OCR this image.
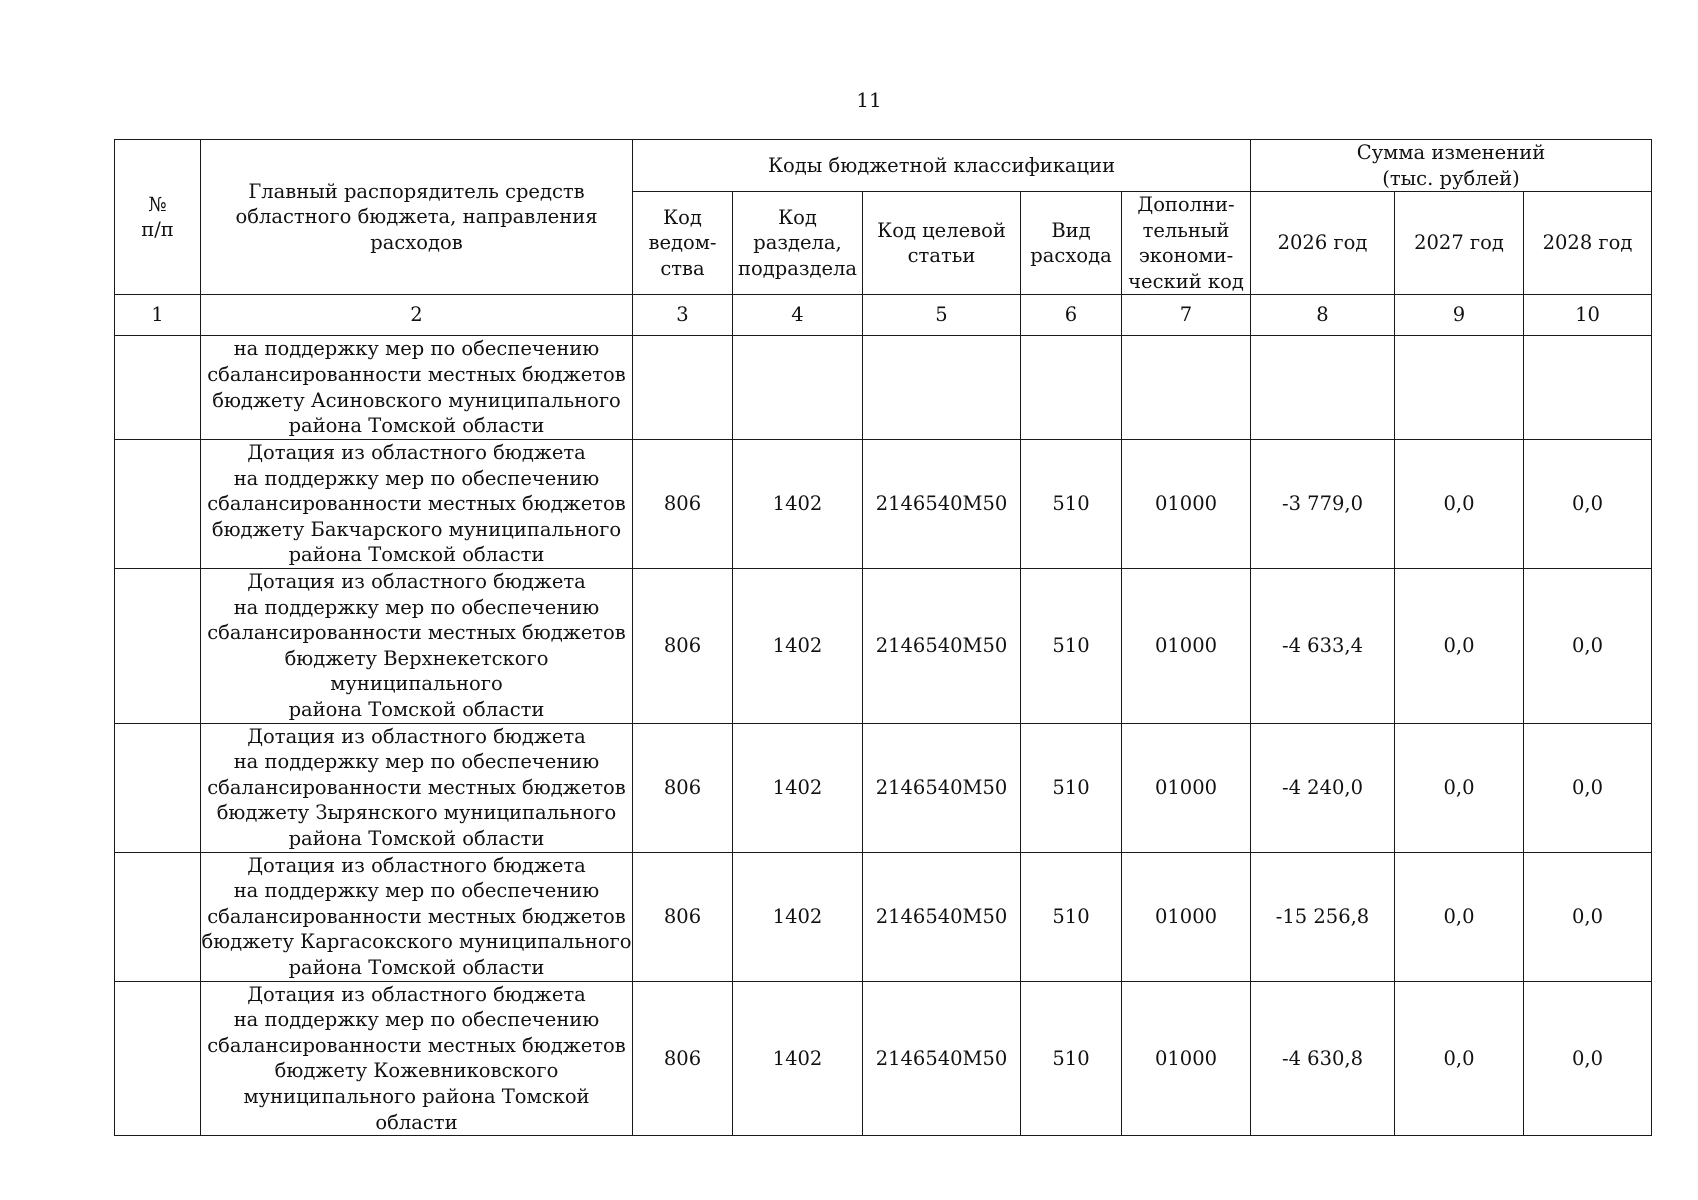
11
№
п/п	Главный распорядитель средств
областного бюджета, направления
расходов	Коды бюджетной классификации					Сумма изменений
(тыс. рублей)		

		Код
ведом-
ства	Код
раздела,
подраздела	Код целевой
статьи	Вид
расхода	Дополни-
тельный
экономи-
ческий код	2026 год	2027 год	2028 год

1	2	3	4	5	6	7	8	9	10
	на поддержку мер по обеспечению
сбалансированности местных бюджетов
бюджету Асиновского муниципального
района Томской области								
	Дотация из областного бюджета
на поддержку мер по обеспечению
сбалансированности местных бюджетов
бюджету Бакчарского муниципального
района Томской области	806	1402	2146540M50	510	01000	-3 779,0	0,0	0,0
	Дотация из областного бюджета
на поддержку мер по обеспечению
сбалансированности местных бюджетов
бюджету Верхнекетского муниципального
района Томской области	806	1402	2146540M50	510	01000	-4 633,4	0,0	0,0
	Дотация из областного бюджета
на поддержку мер по обеспечению
сбалансированности местных бюджетов
бюджету Зырянского муниципального
района Томской области	806	1402	2146540M50	510	01000	-4 240,0	0,0	0,0
	Дотация из областного бюджета
на поддержку мер по обеспечению
сбалансированности местных бюджетов
бюджету Каргасокского муниципального
района Томской области	806	1402	2146540M50	510	01000	-15 256,8	0,0	0,0
	Дотация из областного бюджета
на поддержку мер по обеспечению
сбалансированности местных бюджетов
бюджету Кожевниковского
муниципального района Томской области	806	1402	2146540M50	510	01000	-4 630,8	0,0	0,0
